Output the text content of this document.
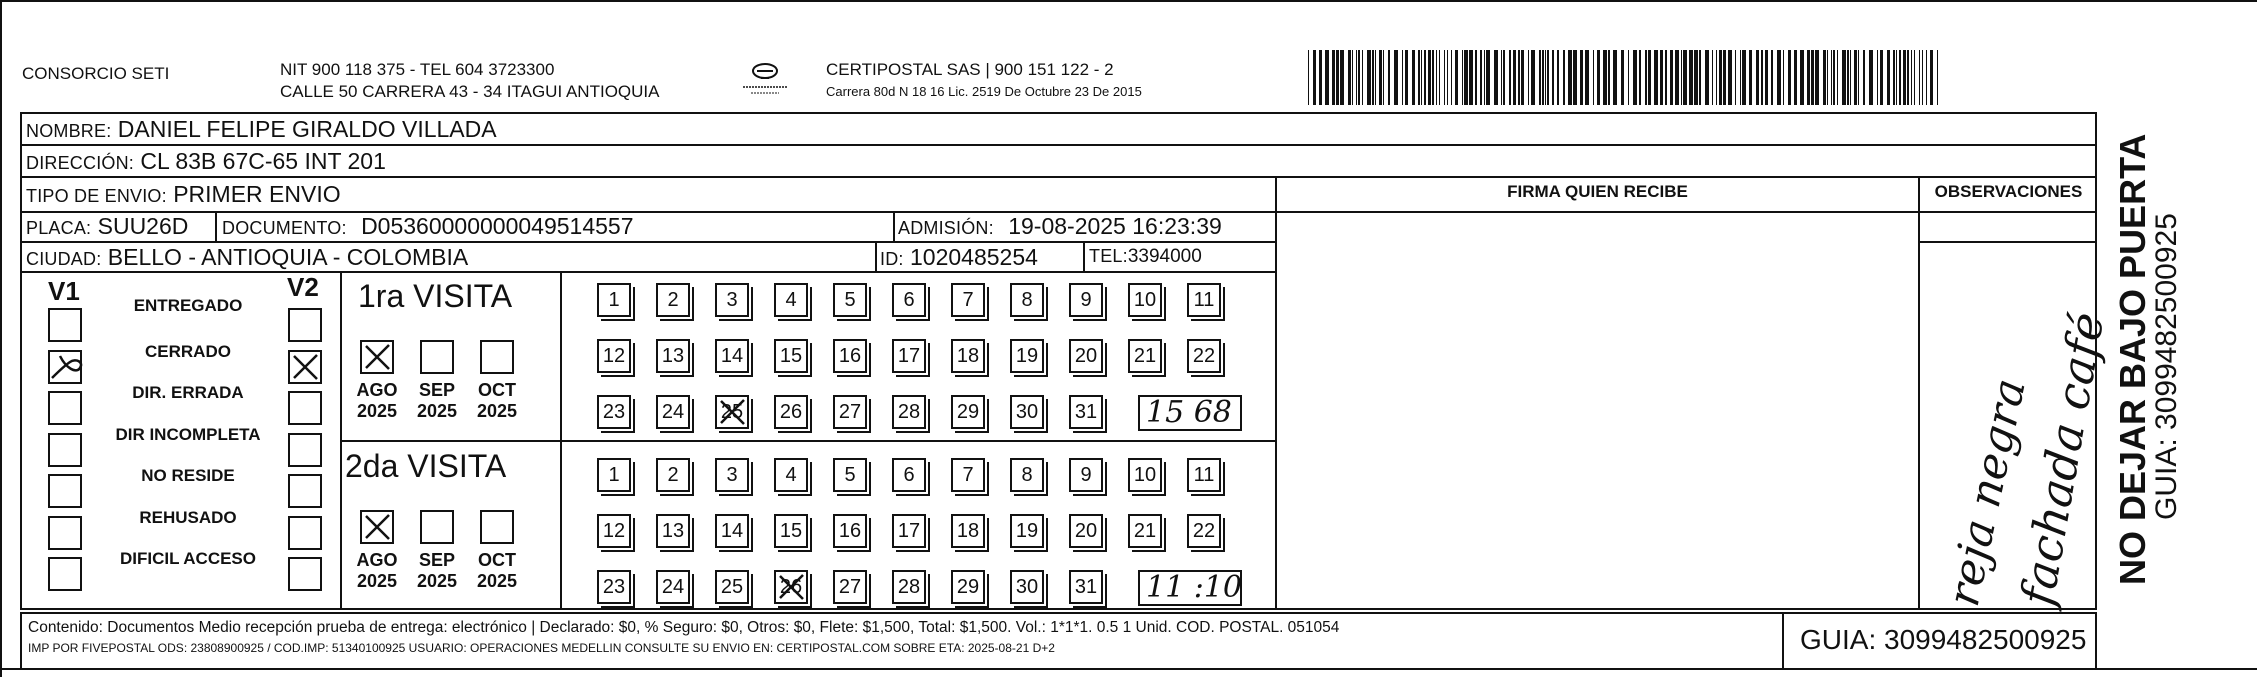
CONSORCIO SETI	NIT 900 118 375 - TEL 604 3723300
CALLE 50 CARRERA 43 - 34 ITAGUI ANTIOQUIA
CERTIPOSTAL SAS | 900 151 122 - 2
Carrera 80d N 18 16 Lic. 2519 De Octubre 23 De 2015
NOMBRE: DANIEL FELIPE GIRALDO VILLADA
DIRECCIÓN: CL 83B 67C-65 INT 201
TIPO DE ENVIO: PRIMER ENVIO
PLACA: SUU26D DOCUMENTO: D05360000000049514557	ADMISIÓN: 19-08-2025 16:23:39
CIUDAD: BELLO - ANTIOQUIA - COLOMBIA	ID: 1020485254	TEL:3394000
FIRMA QUIEN RECIBE	OBSERVACIONES
V1	V2
ENTREGADO
CERRADO
DIR. ERRADA
DIR INCOMPLETA
NO RESIDE
REHUSADO
DIFICIL ACCESO
1ra VISITA
2da VISITA
AGO
2025
SEP
2025
OCT
2025
1	2	3	4	5	6	7	8	9	10	11
12 13 14 15 16 17 18 19 20 21 22
23 24 25 26 27 28 29 30 31 15 68
AGO
2025
SEP
2025
OCT
2025
1	2	3	4	5	6	7	8	9	10	11
12 13 14 15 16 17 18 19 20 21 22
23 24 25 26 27 28 29 30 31 11 :10	reja negra
fachada café
NO DEJAR BAJO PUERTA
GUIA: 3099482500925
Contenido: Documentos Medio recepción prueba de entrega: electrónico | Declarado: $0, % Seguro: $0, Otros: $0, Flete: $1,500, Total: $1,500. Vol.: 1*1*1. 0.5 1 Unid. COD. POSTAL. 051054
IMP POR FIVEPOSTAL ODS: 23808900925 / COD.IMP: 51340100925 USUARIO: OPERACIONES MEDELLIN CONSULTE SU ENVIO EN: CERTIPOSTAL.COM SOBRE ETA: 2025-08-21 D+2	GUIA: 3099482500925
